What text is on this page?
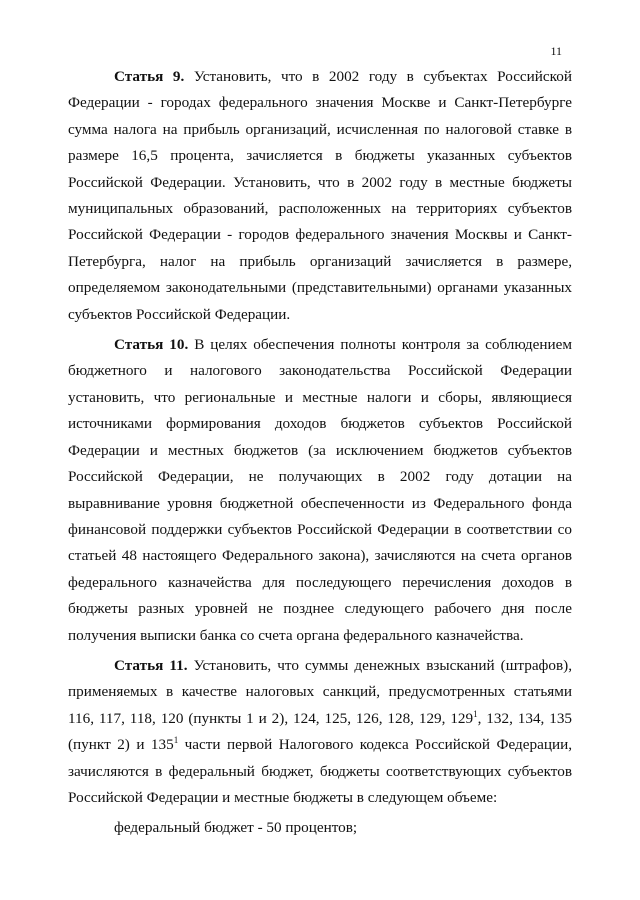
11

Статья 9. Установить, что в 2002 году в субъектах Российской Федерации - городах федерального значения Москве и Санкт-Петербурге сумма налога на прибыль организаций, исчисленная по налоговой ставке в размере 16,5 процента, зачисляется в бюджеты указанных субъектов Российской Федерации. Установить, что в 2002 году в местные бюджеты муниципальных образований, расположенных на территориях субъектов Российской Федерации - городов федерального значения Москвы и Санкт-Петербурга, налог на прибыль организаций зачисляется в размере, определяемом законодательными (представительными) органами указанных субъектов Российской Федерации.

Статья 10. В целях обеспечения полноты контроля за соблюдением бюджетного и налогового законодательства Российской Федерации установить, что региональные и местные налоги и сборы, являющиеся источниками формирования доходов бюджетов субъектов Российской Федерации и местных бюджетов (за исключением бюджетов субъектов Российской Федерации, не получающих в 2002 году дотации на выравнивание уровня бюджетной обеспеченности из Федерального фонда финансовой поддержки субъектов Российской Федерации в соответствии со статьей 48 настоящего Федерального закона), зачисляются на счета органов федерального казначейства для последующего перечисления доходов в бюджеты разных уровней не позднее следующего рабочего дня после получения выписки банка со счета органа федерального казначейства.

Статья 11. Установить, что суммы денежных взысканий (штрафов), применяемых в качестве налоговых санкций, предусмотренных статьями 116, 117, 118, 120 (пункты 1 и 2), 124, 125, 126, 128, 129, $129^1$, 132, 134, 135 (пункт 2) и $135^1$ части первой Налогового кодекса Российской Федерации, зачисляются в федеральный бюджет, бюджеты соответствующих субъектов Российской Федерации и местные бюджеты в следующем объеме:

федеральный бюджет - 50 процентов;
